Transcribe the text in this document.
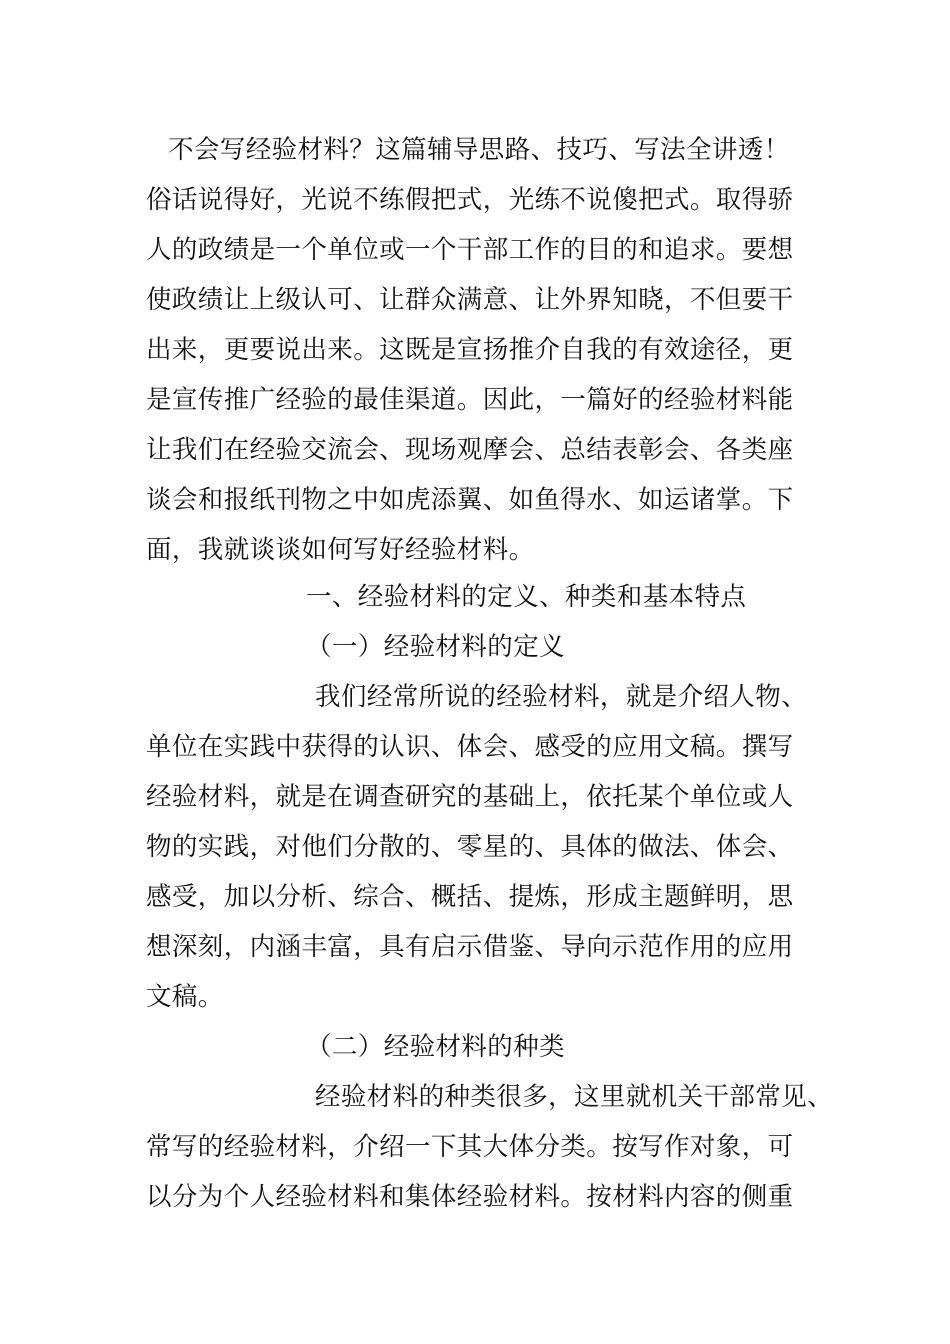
不会写经验材料？这篇辅导思路、技巧、写法全讲透！
俗话说得好，光说不练假把式，光练不说傻把式。取得骄
人的政绩是一个单位或一个干部工作的目的和追求。要想
使政绩让上级认可、让群众满意、让外界知晓，不但要干
出来，更要说出来。这既是宣扬推介自我的有效途径，更
是宣传推广经验的最佳渠道。因此，一篇好的经验材料能
让我们在经验交流会、现场观摩会、总结表彰会、各类座
谈会和报纸刊物之中如虎添翼、如鱼得水、如运诸掌。下
面，我就谈谈如何写好经验材料。
一、经验材料的定义、种类和基本特点
（一）经验材料的定义
我们经常所说的经验材料，就是介绍人物、
单位在实践中获得的认识、体会、感受的应用文稿。撰写
经验材料，就是在调查研究的基础上，依托某个单位或人
物的实践，对他们分散的、零星的、具体的做法、体会、
感受，加以分析、综合、概括、提炼，形成主题鲜明，思
想深刻，内涵丰富，具有启示借鉴、导向示范作用的应用
文稿。
（二）经验材料的种类
经验材料的种类很多，这里就机关干部常见、
常写的经验材料，介绍一下其大体分类。按写作对象，可
以分为个人经验材料和集体经验材料。按材料内容的侧重
